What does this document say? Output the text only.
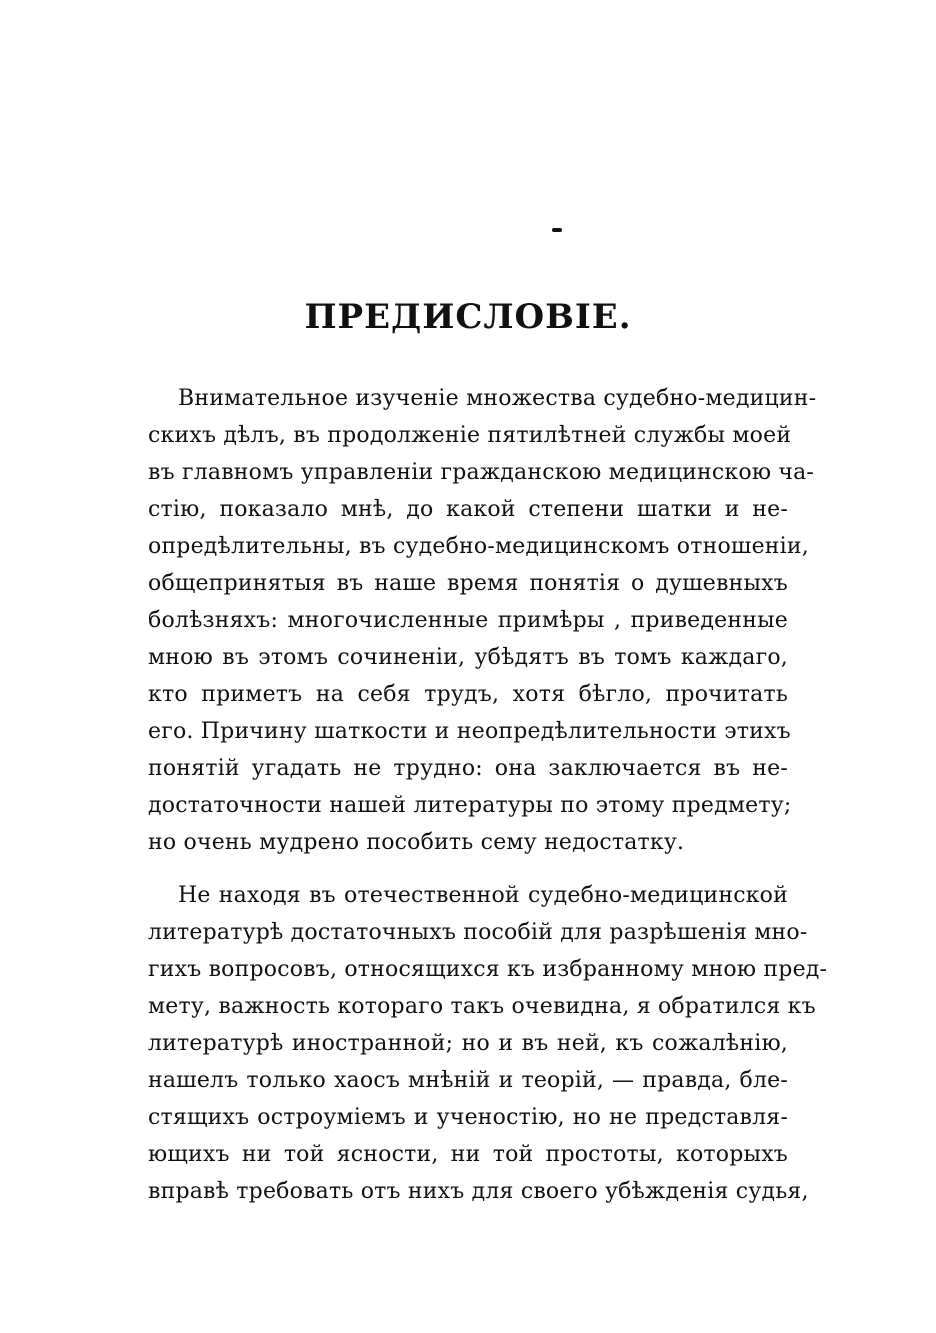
ПРЕДИСЛОВІЕ.
Внимательное изученіе множества судебно-медицин-
скихъ дѣлъ, въ продолженіе пятилѣтней службы моей
въ главномъ управленіи гражданскою медицинскою ча-
стію, показало мнѣ, до какой степени шатки и не-
опредѣлительны, въ судебно-медицинскомъ отношеніи,
общепринятыя въ наше время понятія о душевныхъ
болѣзняхъ: многочисленные примѣры , приведенные
мною въ этомъ сочиненіи, убѣдятъ въ томъ каждаго,
кто приметъ на себя трудъ, хотя бѣгло, прочитать
его. Причину шаткости и неопредѣлительности этихъ
понятій угадать не трудно: она заключается въ не-
достаточности нашей литературы по этому предмету;
но очень мудрено пособить сему недостатку.
Не находя въ отечественной судебно-медицинской
литературѣ достаточныхъ пособій для разрѣшенія мно-
гихъ вопросовъ, относящихся къ избранному мною пред-
мету, важность котораго такъ очевидна, я обратился къ
литературѣ иностранной; но и въ ней, къ сожалѣнію,
нашелъ только хаосъ мнѣній и теорій, — правда, бле-
стящихъ остроуміемъ и ученостію, но не представля-
ющихъ ни той ясности, ни той простоты, которыхъ
вправѣ требовать отъ нихъ для своего убѣжденія судья,
